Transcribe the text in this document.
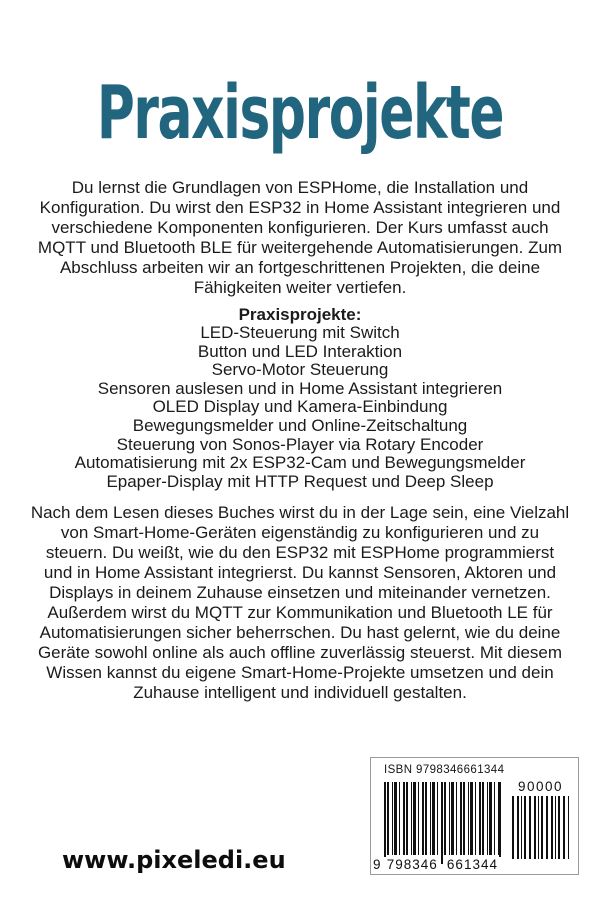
Praxisprojekte
Du lernst die Grundlagen von ESPHome, die Installation und
Konfiguration. Du wirst den ESP32 in Home Assistant integrieren und
verschiedene Komponenten konfigurieren. Der Kurs umfasst auch
MQTT und Bluetooth BLE für weitergehende Automatisierungen. Zum
Abschluss arbeiten wir an fortgeschrittenen Projekten, die deine
Fähigkeiten weiter vertiefen.
Praxisprojekte:
LED-Steuerung mit Switch
Button und LED Interaktion
Servo-Motor Steuerung
Sensoren auslesen und in Home Assistant integrieren
OLED Display und Kamera-Einbindung
Bewegungsmelder und Online-Zeitschaltung
Steuerung von Sonos-Player via Rotary Encoder
Automatisierung mit 2x ESP32-Cam und Bewegungsmelder
Epaper-Display mit HTTP Request und Deep Sleep
Nach dem Lesen dieses Buches wirst du in der Lage sein, eine Vielzahl
von Smart-Home-Geräten eigenständig zu konfigurieren und zu
steuern. Du weißt, wie du den ESP32 mit ESPHome programmierst
und in Home Assistant integrierst. Du kannst Sensoren, Aktoren und
Displays in deinem Zuhause einsetzen und miteinander vernetzen.
Außerdem wirst du MQTT zur Kommunikation und Bluetooth LE für
Automatisierungen sicher beherrschen. Du hast gelernt, wie du deine
Geräte sowohl online als auch offline zuverlässig steuerst. Mit diesem
Wissen kannst du eigene Smart-Home-Projekte umsetzen und dein
Zuhause intelligent und individuell gestalten.
www.pixeledi.eu
ISBN 9798346661344
9 798346 661344
90000
